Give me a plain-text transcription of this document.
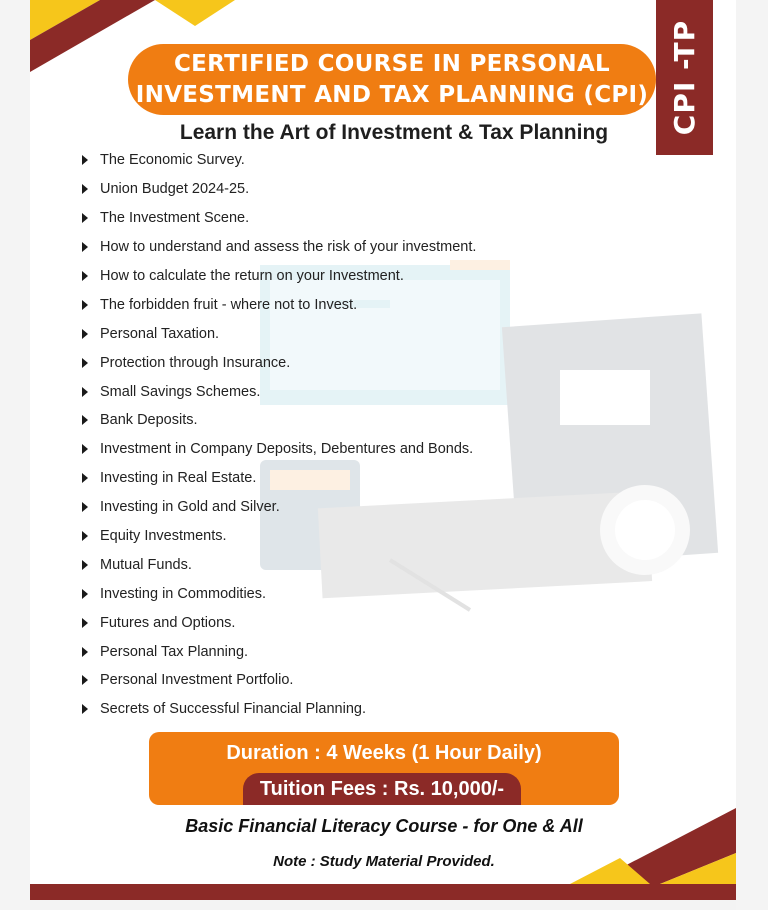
CPI -TP
CERTIFIED COURSE IN PERSONAL
INVESTMENT AND TAX PLANNING (CPI)
Learn the Art of Investment & Tax Planning
The Economic Survey.
Union Budget 2024-25.
The Investment Scene.
How to understand and assess the risk of your investment.
How to calculate the return on your Investment.
The forbidden fruit - where not to Invest.
Personal Taxation.
Protection through Insurance.
Small Savings Schemes.
Bank Deposits.
Investment in Company Deposits, Debentures and Bonds.
Investing in Real Estate.
Investing in Gold and Silver.
Equity Investments.
Mutual Funds.
Investing in Commodities.
Futures and Options.
Personal Tax Planning.
Personal Investment Portfolio.
Secrets of Successful Financial Planning.
Duration : 4 Weeks (1 Hour Daily)
Tuition Fees : Rs. 10,000/-
Basic Financial Literacy Course - for One & All
Note : Study Material Provided.
